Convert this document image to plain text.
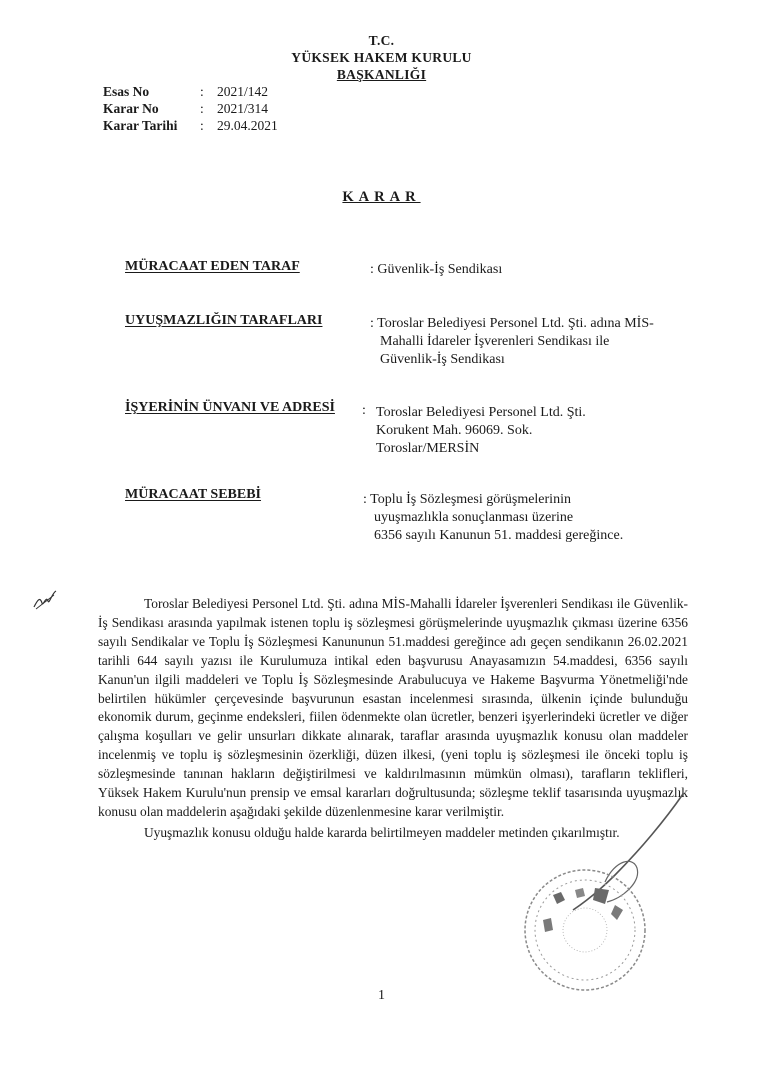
T.C.
YÜKSEK HAKEM KURULU
BAŞKANLIĞI
Esas No	: 2021/142
Karar No	: 2021/314
Karar Tarihi : 29.04.2021
KARAR
MÜRACAAT EDEN TARAF	: Güvenlik-İş Sendikası
UYUŞMAZLIĞIN TARAFLARI	: Toroslar Belediyesi Personel Ltd. Şti. adına MİS-
Mahalli İdareler İşverenleri Sendikası ile
Güvenlik-İş Sendikası
İŞYERİNİN ÜNVANI VE ADRESİ : Toroslar Belediyesi Personel Ltd. Şti.
Korukent Mah. 96069. Sok.
Toroslar/MERSİN
MÜRACAAT SEBEBİ	: Toplu İş Sözleşmesi görüşmelerinin
uyuşmazlıkla sonuçlanması üzerine
6356 sayılı Kanunun 51. maddesi gereğince.

Toroslar Belediyesi Personel Ltd. Şti. adına MİS-Mahalli İdareler İşverenleri Sendikası ile Güvenlik-İş Sendikası arasında yapılmak istenen toplu iş sözleşmesi görüşmelerinde uyuşmazlık çıkması üzerine 6356 sayılı Sendikalar ve Toplu İş Sözleşmesi Kanununun 51.maddesi gereğince adı geçen sendikanın 26.02.2021 tarihli 644 sayılı yazısı ile Kurulumuza intikal eden başvurusu Anayasamızın 54.maddesi, 6356 sayılı Kanun'un ilgili maddeleri ve Toplu İş Sözleşmesinde Arabulucuya ve Hakeme Başvurma Yönetmeliği'nde belirtilen hükümler çerçevesinde başvurunun esastan incelenmesi sırasında, ülkenin içinde bulunduğu ekonomik durum, geçinme endeksleri, fiilen ödenmekte olan ücretler, benzeri işyerlerindeki ücretler ve diğer çalışma koşulları ve gelir unsurları dikkate alınarak, taraflar arasında uyuşmazlık konusu olan maddeler incelenmiş ve toplu iş sözleşmesinin özerkliği, düzen ilkesi, (yeni toplu iş sözleşmesi ile önceki toplu iş sözleşmesinde tanınan hakların değiştirilmesi ve kaldırılmasının mümkün olması), tarafların teklifleri, Yüksek Hakem Kurulu'nun prensip ve emsal kararları doğrultusunda; sözleşme teklif tasarısında uyuşmazlık konusu olan maddelerin aşağıdaki şekilde düzenlenmesine karar verilmiştir.

Uyuşmazlık konusu olduğu halde kararda belirtilmeyen maddeler metinden çıkarılmıştır.

1
